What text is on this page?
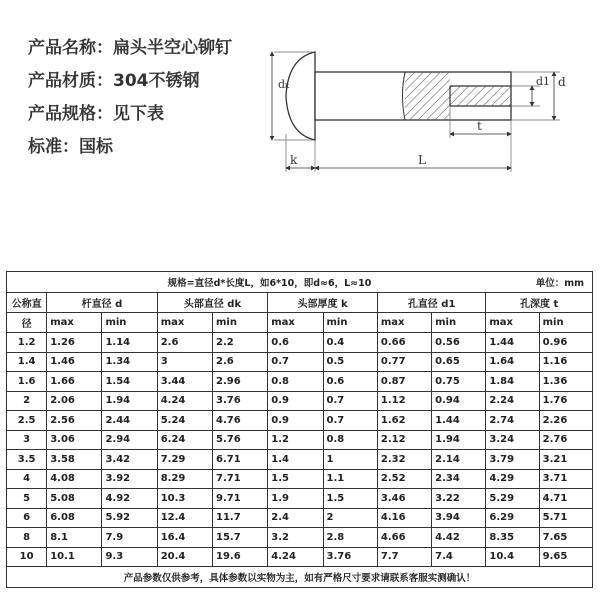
产品名称：扁头半空心铆钉
产品材质：304不锈钢
产品规格：见下表
标准：国标
d1 d
dₖ
t
k	L
规格=直径d*长度L，如6*10，即d≈6，L≈10							单位：mm			
公称直	杆直径 d		头部直径 dk		头部厚度 k		孔直径 d1		孔深度 t	
径	max	min	max	min	max	min	max	min	max	min
1.2	1.26	1.14	2.6	2.2	0.6	0.4	0.66	0.56	1.44	0.96
1.4	1.46	1.34	3	2.6	0.7	0.5	0.77	0.65	1.64	1.16
1.6	1.66	1.54	3.44	2.96	0.8	0.6	0.87	0.75	1.84	1.36
2	2.06	1.94	4.24	3.76	0.9	0.7	1.12	0.94	2.24	1.76
2.5	2.56	2.44	5.24	4.76	0.9	0.7	1.62	1.44	2.74	2.26
3	3.06	2.94	6.24	5.76	1.2	0.8	2.12	1.94	3.24	2.76
3.5	3.58	3.42	7.29	6.71	1.4	1	2.32	2.14	3.79	3.21
4	4.08	3.92	8.29	7.71	1.5	1.1	2.52	2.34	4.29	3.71
5	5.08	4.92	10.3	9.71	1.9	1.5	3.46	3.22	5.29	4.71
6	6.08	5.92	12.4	11.7	2.4	2	4.16	3.94	6.29	5.71
8	8.1	7.9	16.4	15.7	3.2	2.8	4.66	4.42	8.35	7.65
10	10.1	9.3	20.4	19.6	4.24	3.76	7.7	7.4	10.4	9.65
产品参数仅供参考，具体参数以实物为主，如有严格尺寸要求请联系客服实测确认！										
